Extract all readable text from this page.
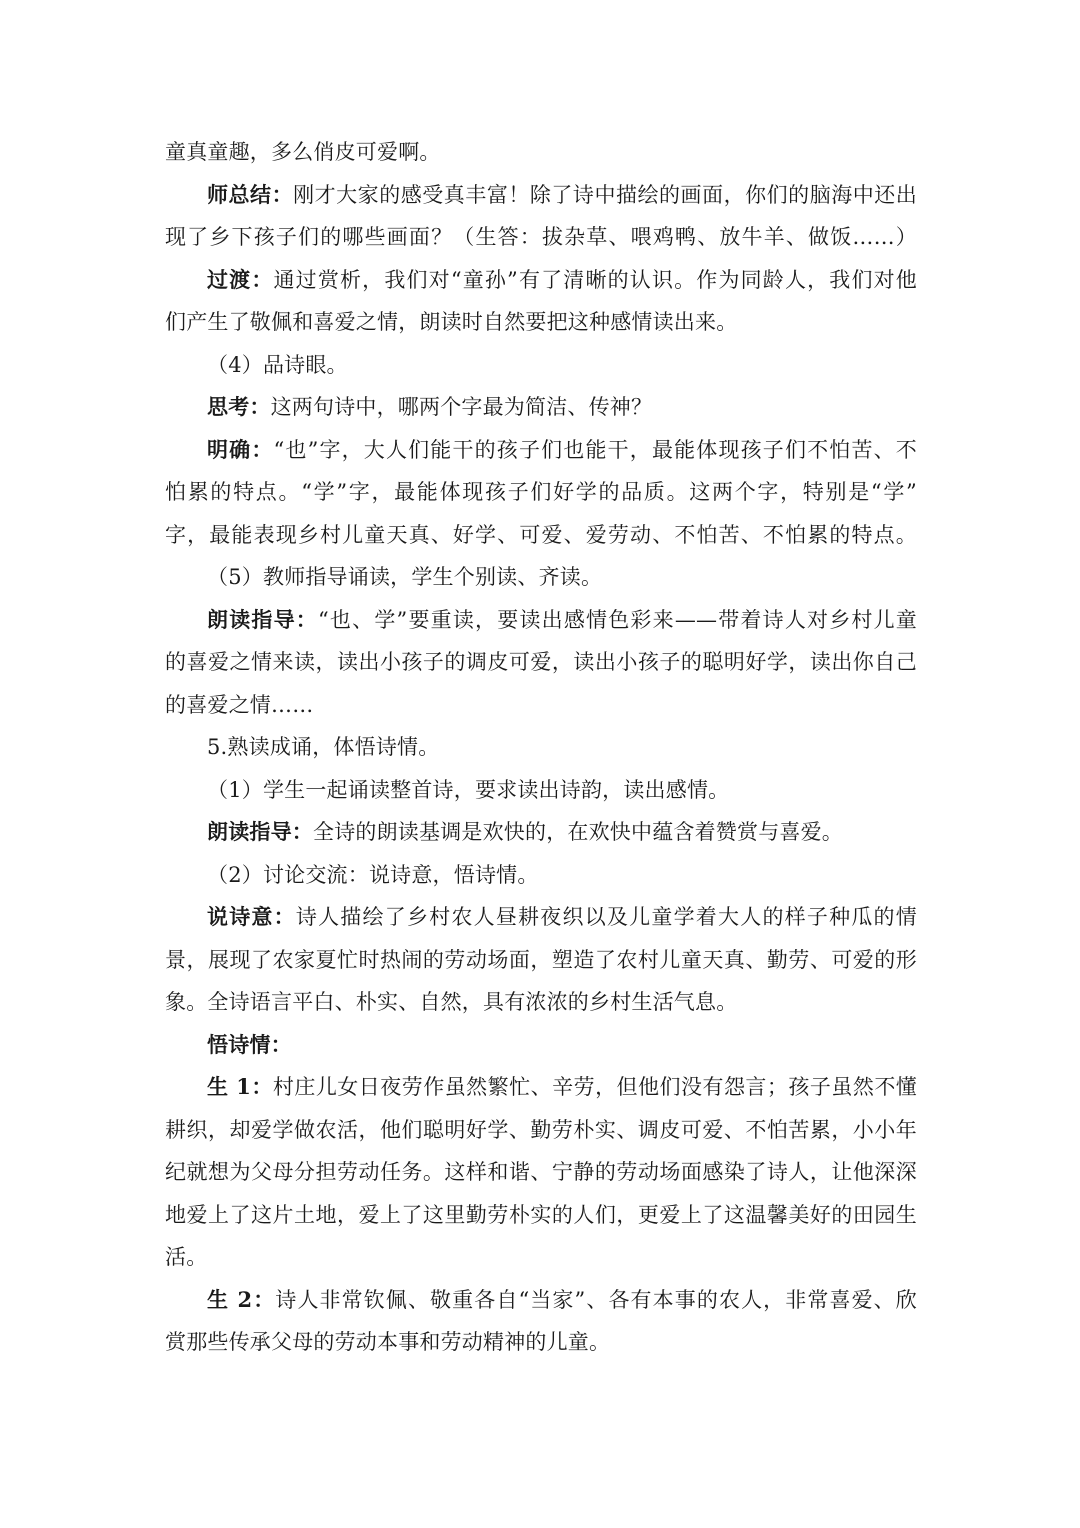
童真童趣，多么俏皮可爱啊。
师总结：刚才大家的感受真丰富！除了诗中描绘的画面，你们的脑海中还出
现了乡下孩子们的哪些画面？（生答：拔杂草、喂鸡鸭、放牛羊、做饭……）
过渡：通过赏析，我们对“童孙”有了清晰的认识。作为同龄人，我们对他
们产生了敬佩和喜爱之情，朗读时自然要把这种感情读出来。
（4）品诗眼。
思考：这两句诗中，哪两个字最为简洁、传神？
明确：“也”字，大人们能干的孩子们也能干，最能体现孩子们不怕苦、不
怕累的特点。“学”字，最能体现孩子们好学的品质。这两个字，特别是“学”
字，最能表现乡村儿童天真、好学、可爱、爱劳动、不怕苦、不怕累的特点。
（5）教师指导诵读，学生个别读、齐读。
朗读指导：“也、学”要重读，要读出感情色彩来——带着诗人对乡村儿童
的喜爱之情来读，读出小孩子的调皮可爱，读出小孩子的聪明好学，读出你自己
的喜爱之情……
5.熟读成诵，体悟诗情。
（1）学生一起诵读整首诗，要求读出诗韵，读出感情。
朗读指导：全诗的朗读基调是欢快的，在欢快中蕴含着赞赏与喜爱。
（2）讨论交流：说诗意，悟诗情。
说诗意：诗人描绘了乡村农人昼耕夜织以及儿童学着大人的样子种瓜的情
景，展现了农家夏忙时热闹的劳动场面，塑造了农村儿童天真、勤劳、可爱的形
象。全诗语言平白、朴实、自然，具有浓浓的乡村生活气息。
悟诗情：
生 1：村庄儿女日夜劳作虽然繁忙、辛劳，但他们没有怨言；孩子虽然不懂
耕织，却爱学做农活，他们聪明好学、勤劳朴实、调皮可爱、不怕苦累，小小年
纪就想为父母分担劳动任务。这样和谐、宁静的劳动场面感染了诗人，让他深深
地爱上了这片土地，爱上了这里勤劳朴实的人们，更爱上了这温馨美好的田园生
活。
生 2：诗人非常钦佩、敬重各自“当家”、各有本事的农人，非常喜爱、欣
赏那些传承父母的劳动本事和劳动精神的儿童。
